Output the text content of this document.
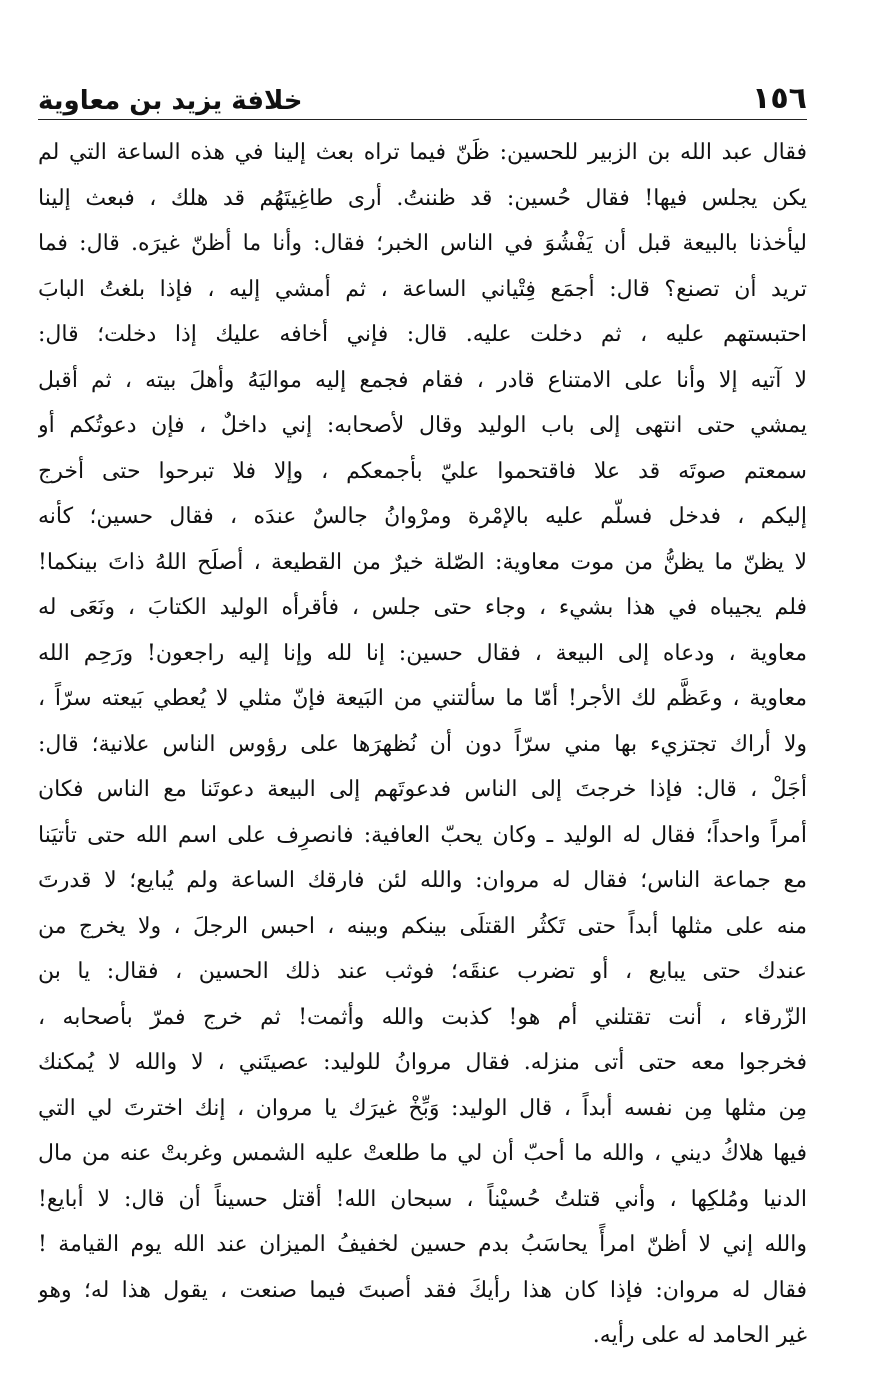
١٥٦
خلافة يزيد بن معاوية
فقال عبد الله بن الزبير للحسين: ظَنّ فيما تراه بعث إلينا في هذه الساعة التي لم
يكن يجلس فيها! فقال حُسين: قد ظننتُ. أرى طاغِيتَهُم قد هلك ، فبعث إلينا
ليأخذنا بالبيعة قبل أن يَفْشُوَ في الناس الخبر؛ فقال: وأنا ما أظنّ غيرَه. قال: فما
تريد أن تصنع؟ قال: أجمَع فِتْياني الساعة ، ثم أمشي إليه ، فإذا بلغتُ البابَ
احتبستهم عليه ، ثم دخلت عليه. قال: فإني أخافه عليك إذا دخلت؛ قال:
لا آتيه إلا وأنا على الامتناع قادر ، فقام فجمع إليه مواليَهُ وأهلَ بيته ، ثم أقبل
يمشي حتى انتهى إلى باب الوليد وقال لأصحابه: إني داخلٌ ، فإن دعوتُكم أو
سمعتم صوتَه قد علا فاقتحموا عليّ بأجمعكم ، وإلا فلا تبرحوا حتى أخرج
إليكم ، فدخل فسلّم عليه بالإمْرة ومرْوانُ جالسٌ عندَه ، فقال حسين؛ كأنه
لا يظنّ ما يظنُّ من موت معاوية: الصّلة خيرٌ من القطيعة ، أصلَح اللهُ ذاتَ بينكما!
فلم يجيباه في هذا بشيء ، وجاء حتى جلس ، فأقرأه الوليد الكتابَ ، ونَعَى له
معاوية ، ودعاه إلى البيعة ، فقال حسين: إنا لله وإنا إليه راجعون! ورَحِم الله
معاوية ، وعَظَّم لك الأجر! أمّا ما سألتني من البَيعة فإنّ مثلي لا يُعطي بَيعته سرّاً ،
ولا أراك تجتزيء بها مني سرّاً دون أن نُظهرَها على رؤوس الناس علانية؛ قال:
أجَلْ ، قال: فإذا خرجتَ إلى الناس فدعوتَهم إلى البيعة دعوتَنا مع الناس فكان
أمراً واحداً؛ فقال له الوليد ـ وكان يحبّ العافية: فانصرِف على اسم الله حتى تأتيَنا
مع جماعة الناس؛ فقال له مروان: والله لئن فارقك الساعة ولم يُبايع؛ لا قدرتَ
منه على مثلها أبداً حتى تَكثُر القتلَى بينكم وبينه ، احبس الرجلَ ، ولا يخرج من
عندك حتى يبايع ، أو تضرب عنقَه؛ فوثب عند ذلك الحسين ، فقال: يا بن
الزّرقاء ، أنت تقتلني أم هو! كذبت والله وأثمت! ثم خرج فمرّ بأصحابه ،
فخرجوا معه حتى أتى منزله. فقال مروانُ للوليد: عصيتَني ، لا والله لا يُمكنك
مِن مثلها مِن نفسه أبداً ، قال الوليد: وَبِّخْ غيرَك يا مروان ، إنك اخترتَ لي التي
فيها هلاكُ ديني ، والله ما أحبّ أن لي ما طلعتْ عليه الشمس وغربتْ عنه من مال
الدنيا ومُلكِها ، وأني قتلتُ حُسيْناً ، سبحان الله! أقتل حسيناً أن قال: لا أبايع!
والله إني لا أظنّ امرأً يحاسَبُ بدم حسين لخفيفُ الميزان عند الله يوم القيامة !
فقال له مروان: فإذا كان هذا رأيكَ فقد أصبتَ فيما صنعت ، يقول هذا له؛ وهو
غير الحامد له على رأيه.
